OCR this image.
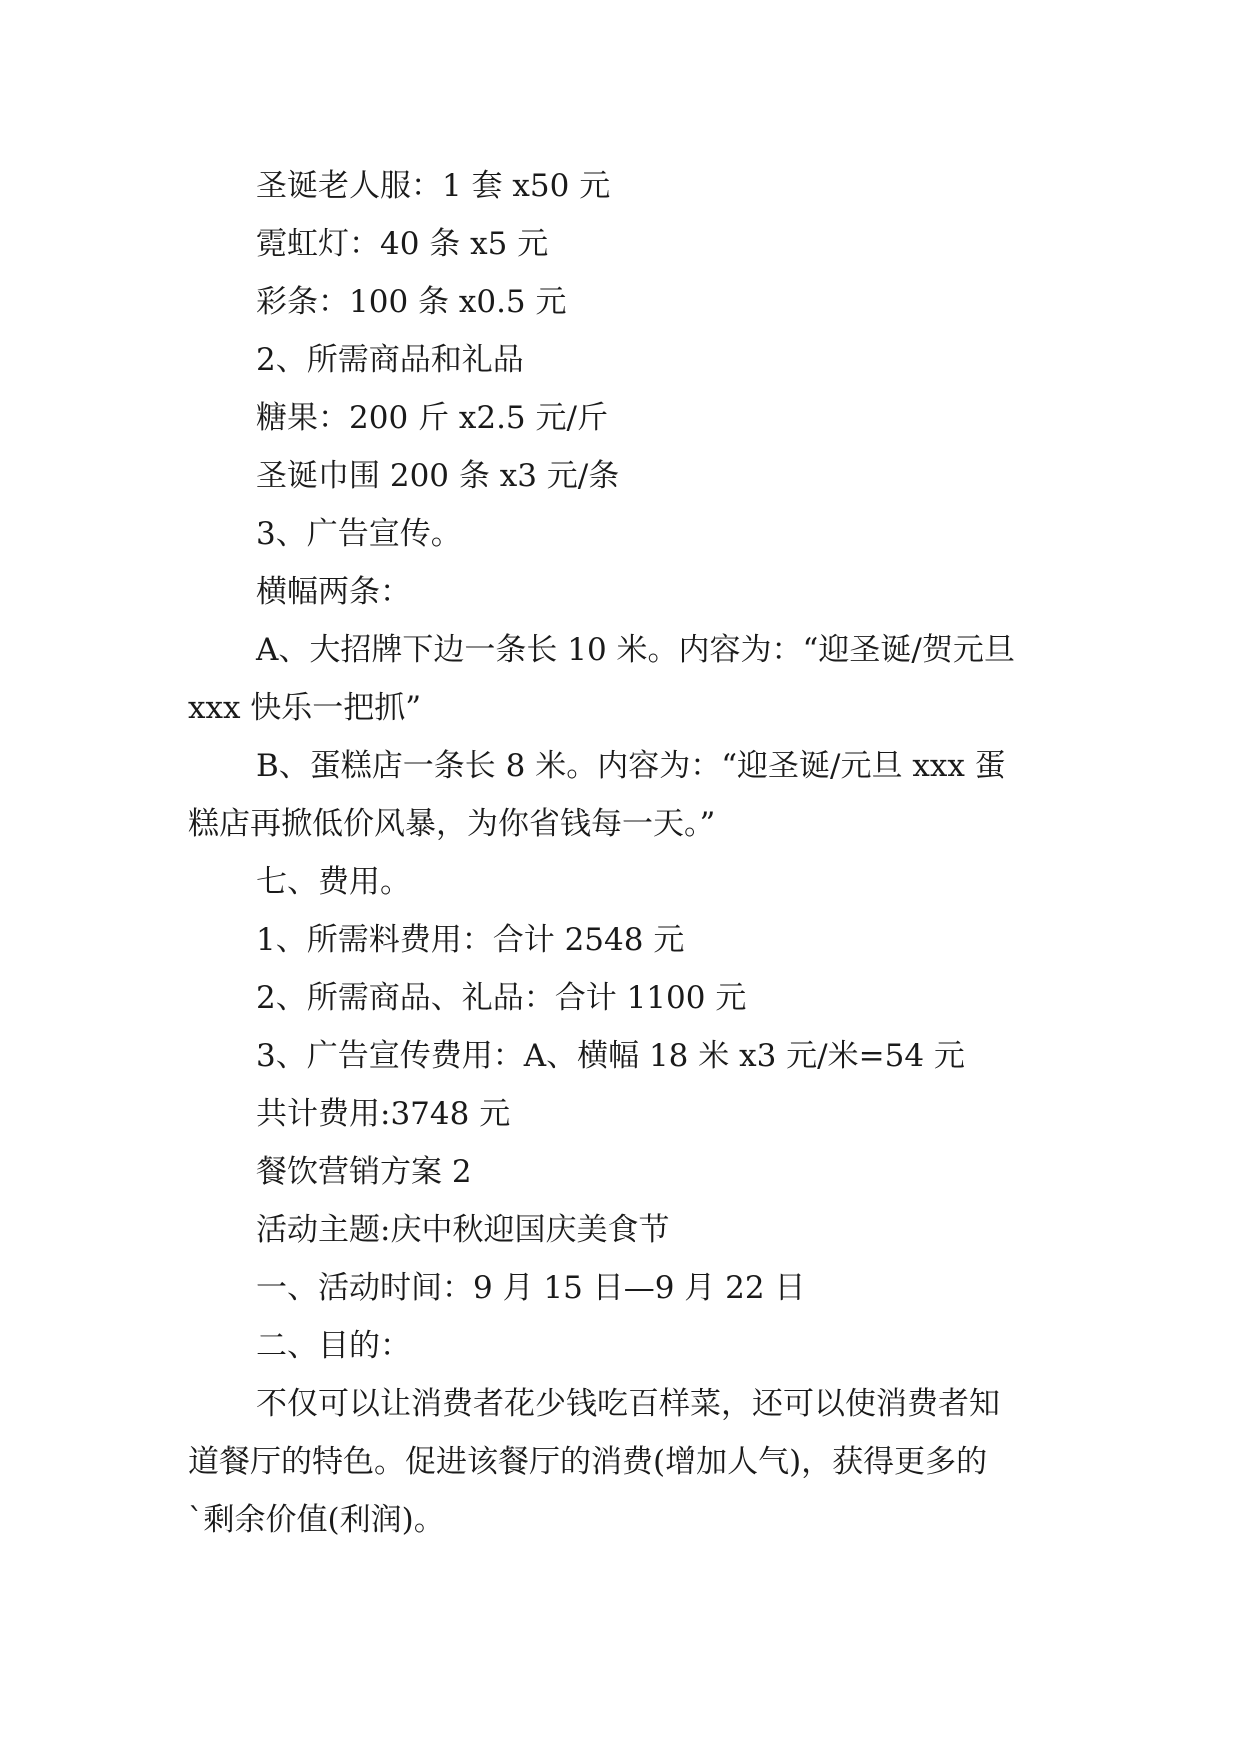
圣诞老人服：1 套 x50 元
霓虹灯：40 条 x5 元
彩条：100 条 x0.5 元
2、所需商品和礼品
糖果：200 斤 x2.5 元/斤
圣诞巾围 200 条 x3 元/条
3、广告宣传。
横幅两条：
A、大招牌下边一条长 10 米。内容为：“迎圣诞/贺元旦
xxx 快乐一把抓”
B、蛋糕店一条长 8 米。内容为：“迎圣诞/元旦 xxx 蛋
糕店再掀低价风暴，为你省钱每一天。”
七、费用。
1、所需料费用：合计 2548 元
2、所需商品、礼品：合计 1100 元
3、广告宣传费用：A、横幅 18 米 x3 元/米=54 元
共计费用:3748 元
餐饮营销方案 2
活动主题:庆中秋迎国庆美食节
一、活动时间：9 月 15 日—9 月 22 日
二、目的：
不仅可以让消费者花少钱吃百样菜，还可以使消费者知
道餐厅的特色。促进该餐厅的消费(增加人气)，获得更多的
`剩余价值(利润)。
